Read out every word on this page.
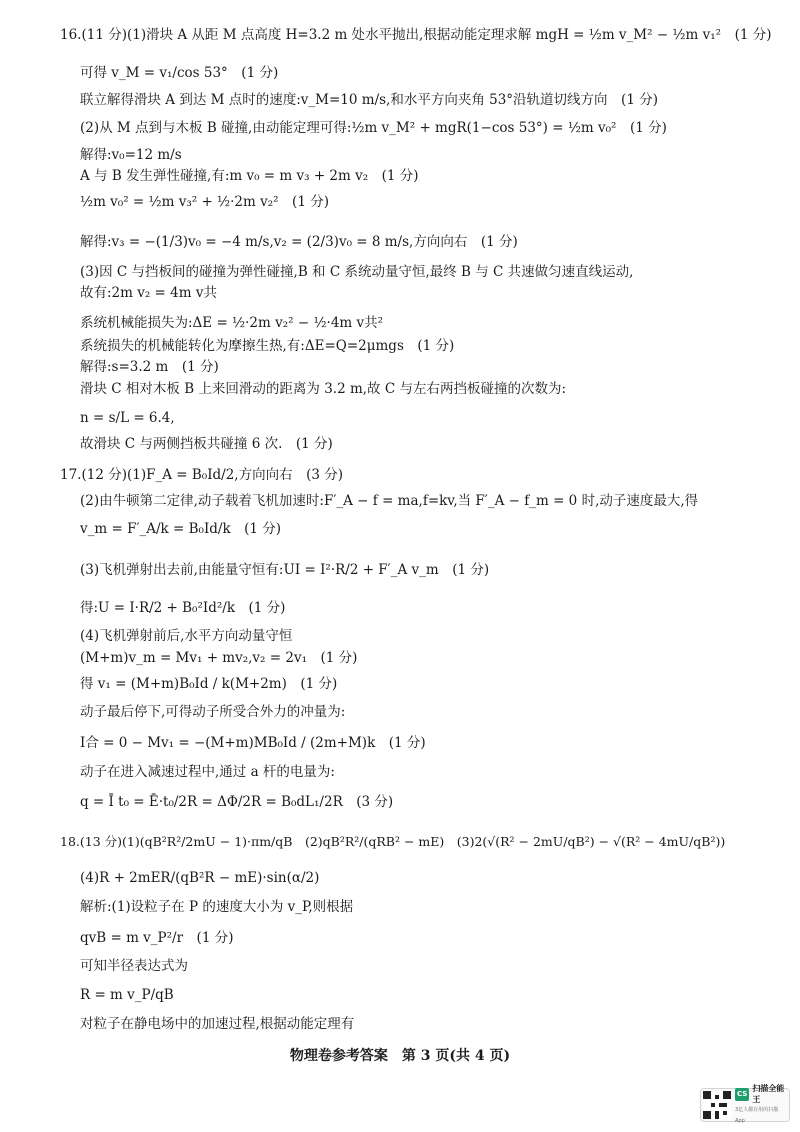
16.(11 分)(1)滑块 A 从距 M 点高度 H=3.2 m 处水平抛出,根据动能定理求解 mgH = ½m v_M² − ½m v₁²　(1 分)
可得 v_M = v₁/cos 53°　(1 分)
联立解得滑块 A 到达 M 点时的速度:v_M=10 m/s,和水平方向夹角 53°沿轨道切线方向　(1 分)
(2)从 M 点到与木板 B 碰撞,由动能定理可得:½m v_M² + mgR(1−cos 53°) = ½m v₀²　(1 分)
解得:v₀=12 m/s
A 与 B 发生弹性碰撞,有:m v₀ = m v₃ + 2m v₂　(1 分)
½m v₀² = ½m v₃² + ½·2m v₂²　(1 分)
解得:v₃ = −(1/3)v₀ = −4 m/s,v₂ = (2/3)v₀ = 8 m/s,方向向右　(1 分)
(3)因 C 与挡板间的碰撞为弹性碰撞,B 和 C 系统动量守恒,最终 B 与 C 共速做匀速直线运动,
故有:2m v₂ = 4m v共
系统机械能损失为:ΔE = ½·2m v₂² − ½·4m v共²
系统损失的机械能转化为摩擦生热,有:ΔE=Q=2μmgs　(1 分)
解得:s=3.2 m　(1 分)
滑块 C 相对木板 B 上来回滑动的距离为 3.2 m,故 C 与左右两挡板碰撞的次数为:
n = s/L = 6.4,
故滑块 C 与两侧挡板共碰撞 6 次.　(1 分)
17.(12 分)(1)F_A = B₀Id/2,方向向右　(3 分)
(2)由牛顿第二定律,动子载着飞机加速时:F′_A − f = ma,f=kv,当 F′_A − f_m = 0 时,动子速度最大,得
v_m = F′_A/k = B₀Id/k　(1 分)
(3)飞机弹射出去前,由能量守恒有:UI = I²·R/2 + F′_A v_m　(1 分)
得:U = I·R/2 + B₀²Id²/k　(1 分)
(4)飞机弹射前后,水平方向动量守恒
(M+m)v_m = Mv₁ + mv₂,v₂ = 2v₁　(1 分)
得 v₁ = (M+m)B₀Id / k(M+2m)　(1 分)
动子最后停下,可得动子所受合外力的冲量为:
I合 = 0 − Mv₁ = −(M+m)MB₀Id / (2m+M)k　(1 分)
动子在进入减速过程中,通过 a 杆的电量为:
q = Ī t₀ = Ē·t₀/2R = ΔΦ/2R = B₀dL₁/2R　(3 分)
18.(13 分)(1)(qB²R²/2mU − 1)·πm/qB　(2)qB²R²/(qRB² − mE)　(3)2(√(R² − 2mU/qB²) − √(R² − 4mU/qB²))
(4)R + 2mER/(qB²R − mE)·sin(α/2)
解析:(1)设粒子在 P 的速度大小为 v_P,则根据
qvB = m v_P²/r　(1 分)
可知半径表达式为
R = m v_P/qB
对粒子在静电场中的加速过程,根据动能定理有
物理卷参考答案　第 3 页(共 4 页)
CS
扫描全能王
3亿人都在用的扫描App
